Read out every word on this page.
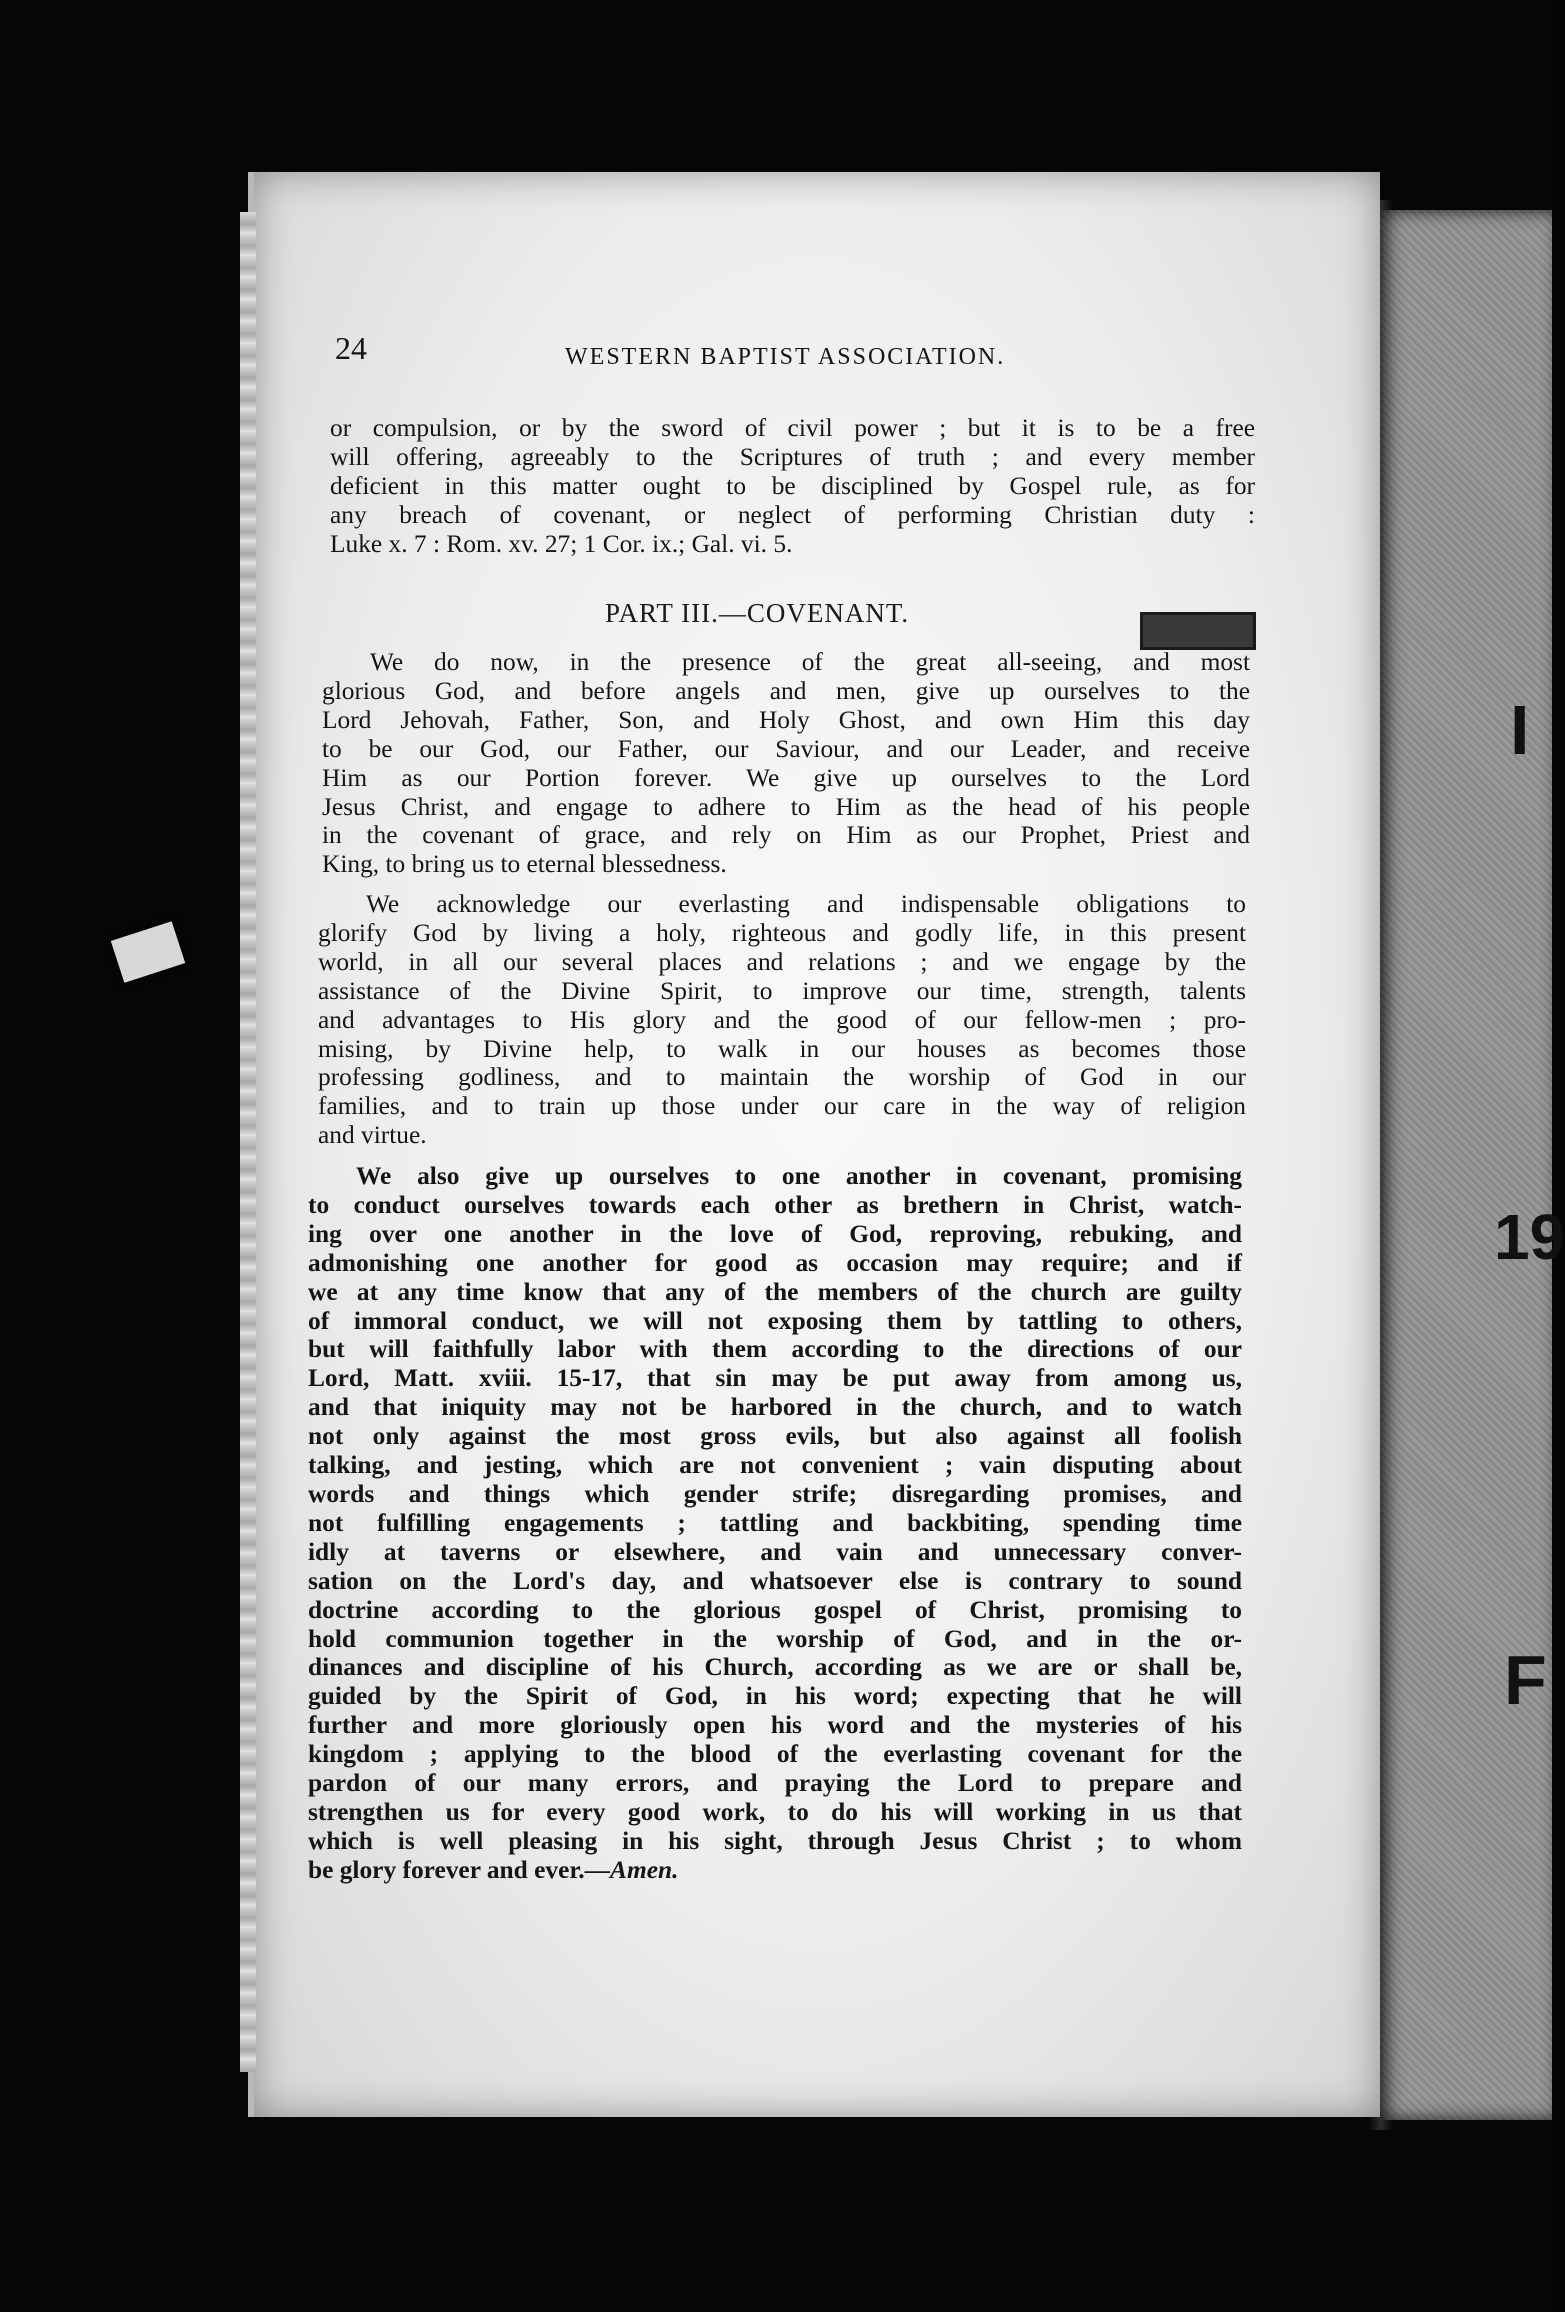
I
19
F
24	WESTERN BAPTIST ASSOCIATION.
or compulsion, or by the sword of civil power ; but it is to be a free
will offering, agreeably to the Scriptures of truth ; and every member
deficient in this matter ought to be disciplined by Gospel rule, as for
any breach of covenant, or neglect of performing Christian duty :
Luke x. 7 : Rom. xv. 27; 1 Cor. ix.; Gal. vi. 5.
PART III.—COVENANT.
We do now, in the presence of the great all-seeing, and most
glorious God, and before angels and men, give up ourselves to the
Lord Jehovah, Father, Son, and Holy Ghost, and own Him this day
to be our God, our Father, our Saviour, and our Leader, and receive
Him as our Portion forever. We give up ourselves to the Lord
Jesus Christ, and engage to adhere to Him as the head of his people
in the covenant of grace, and rely on Him as our Prophet, Priest and
King, to bring us to eternal blessedness.
We acknowledge our everlasting and indispensable obligations to
glorify God by living a holy, righteous and godly life, in this present
world, in all our several places and relations ; and we engage by the
assistance of the Divine Spirit, to improve our time, strength, talents
and advantages to His glory and the good of our fellow-men ; pro-
mising, by Divine help, to walk in our houses as becomes those
professing godliness, and to maintain the worship of God in our
families, and to train up those under our care in the way of religion
and virtue.
We also give up ourselves to one another in covenant, promising
to conduct ourselves towards each other as brethern in Christ, watch-
ing over one another in the love of God, reproving, rebuking, and
admonishing one another for good as occasion may require; and if
we at any time know that any of the members of the church are guilty
of immoral conduct, we will not exposing them by tattling to others,
but will faithfully labor with them according to the directions of our
Lord, Matt. xviii. 15-17, that sin may be put away from among us,
and that iniquity may not be harbored in the church, and to watch
not only against the most gross evils, but also against all foolish
talking, and jesting, which are not convenient ; vain disputing about
words and things which gender strife; disregarding promises, and
not fulfilling engagements ; tattling and backbiting, spending time
idly at taverns or elsewhere, and vain and unnecessary conver-
sation on the Lord's day, and whatsoever else is contrary to sound
doctrine according to the glorious gospel of Christ, promising to
hold communion together in the worship of God, and in the or-
dinances and discipline of his Church, according as we are or shall be,
guided by the Spirit of God, in his word; expecting that he will
further and more gloriously open his word and the mysteries of his
kingdom ; applying to the blood of the everlasting covenant for the
pardon of our many errors, and praying the Lord to prepare and
strengthen us for every good work, to do his will working in us that
which is well pleasing in his sight, through Jesus Christ ; to whom
be glory forever and ever.—Amen.
